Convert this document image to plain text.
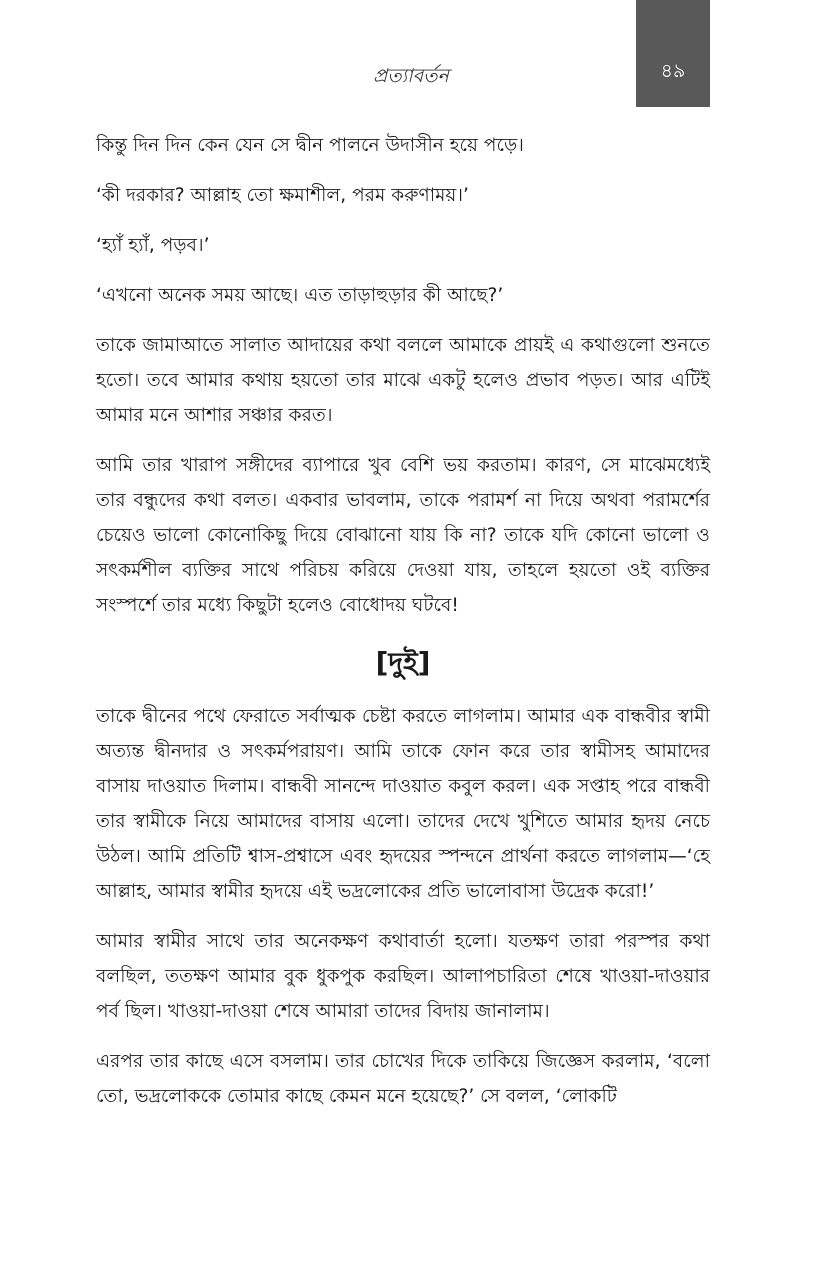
প্রত্যাবর্তন	৪৯

কিন্তু দিন দিন কেন যেন সে দ্বীন পালনে উদাসীন হয়ে পড়ে।

‘কী দরকার? আল্লাহ তো ক্ষমাশীল, পরম করুণাময়।’

‘হ্যাঁ হ্যাঁ, পড়ব।’

‘এখনো অনেক সময় আছে। এত তাড়াহুড়ার কী আছে?’

তাকে জামাআতে সালাত আদায়ের কথা বললে আমাকে প্রায়ই এ কথাগুলো শুনতে হতো। তবে আমার কথায় হয়তো তার মাঝে একটু হলেও প্রভাব পড়ত। আর এটিই আমার মনে আশার সঞ্চার করত।

আমি তার খারাপ সঙ্গীদের ব্যাপারে খুব বেশি ভয় করতাম। কারণ, সে মাঝেমধ্যেই তার বন্ধুদের কথা বলত। একবার ভাবলাম, তাকে পরামর্শ না দিয়ে অথবা পরামর্শের চেয়েও ভালো কোনোকিছু দিয়ে বোঝানো যায় কি না? তাকে যদি কোনো ভালো ও সৎকর্মশীল ব্যক্তির সাথে পরিচয় করিয়ে দেওয়া যায়, তাহলে হয়তো ওই ব্যক্তির সংস্পর্শে তার মধ্যে কিছুটা হলেও বোধোদয় ঘটবে!

[দুই]

তাকে দ্বীনের পথে ফেরাতে সর্বাত্মক চেষ্টা করতে লাগলাম। আমার এক বান্ধবীর স্বামী অত্যন্ত দ্বীনদার ও সৎকর্মপরায়ণ। আমি তাকে ফোন করে তার স্বামীসহ আমাদের বাসায় দাওয়াত দিলাম। বান্ধবী সানন্দে দাওয়াত কবুল করল। এক সপ্তাহ পরে বান্ধবী তার স্বামীকে নিয়ে আমাদের বাসায় এলো। তাদের দেখে খুশিতে আমার হৃদয় নেচে উঠল। আমি প্রতিটি শ্বাস-প্রশ্বাসে এবং হৃদয়ের স্পন্দনে প্রার্থনা করতে লাগলাম—‘হে আল্লাহ, আমার স্বামীর হৃদয়ে এই ভদ্রলোকের প্রতি ভালোবাসা উদ্রেক করো!’

আমার স্বামীর সাথে তার অনেকক্ষণ কথাবার্তা হলো। যতক্ষণ তারা পরস্পর কথা বলছিল, ততক্ষণ আমার বুক ধুকপুক করছিল। আলাপচারিতা শেষে খাওয়া-দাওয়ার পর্ব ছিল। খাওয়া-দাওয়া শেষে আমারা তাদের বিদায় জানালাম।

এরপর তার কাছে এসে বসলাম। তার চোখের দিকে তাকিয়ে জিজ্ঞেস করলাম, ‘বলো তো, ভদ্রলোককে তোমার কাছে কেমন মনে হয়েছে?’ সে বলল, ‘লোকটি
